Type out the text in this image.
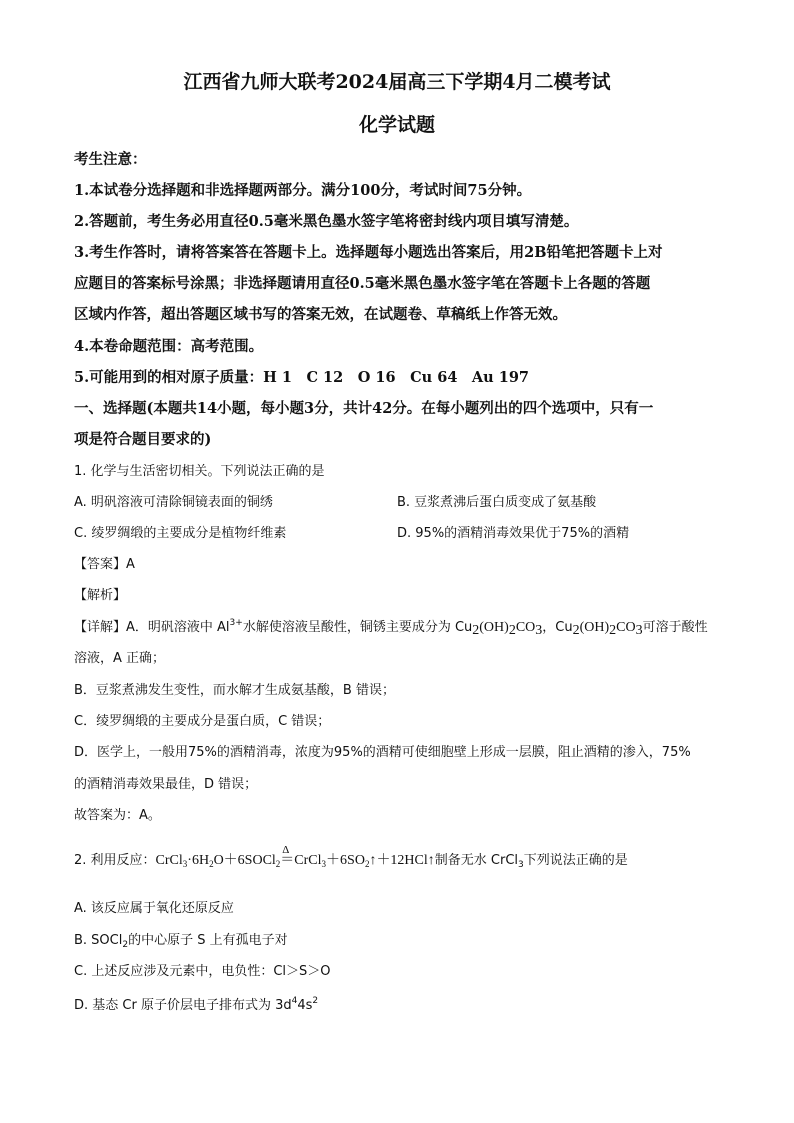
江西省九师大联考2024届高三下学期4月二模考试
化学试题
考生注意：
1.本试卷分选择题和非选择题两部分。满分100分，考试时间75分钟。
2.答题前，考生务必用直径0.5毫米黑色墨水签字笔将密封线内项目填写清楚。
3.考生作答时，请将答案答在答题卡上。选择题每小题选出答案后，用2B铅笔把答题卡上对
应题目的答案标号涂黑；非选择题请用直径0.5毫米黑色墨水签字笔在答题卡上各题的答题
区域内作答，超出答题区域书写的答案无效，在试题卷、草稿纸上作答无效。
4.本卷命题范围：高考范围。
5.可能用到的相对原子质量：H 1　C 12　O 16　Cu 64　Au 197
一、选择题(本题共14小题，每小题3分，共计42分。在每小题列出的四个选项中，只有一
项是符合题目要求的)
1. 化学与生活密切相关。下列说法正确的是
A. 明矾溶液可清除铜镜表面的铜绣	B. 豆浆煮沸后蛋白质变成了氨基酸
C. 绫罗绸缎的主要成分是植物纤维素	D. 95%的酒精消毒效果优于75%的酒精
【答案】A
【解析】
【详解】A．明矾溶液中 $Al^{3+}$水解使溶液呈酸性，铜锈主要成分为 $Cu_2(OH)_2CO_3$，$Cu_2(OH)_2CO_3$可溶于酸性
溶液，A 正确；
B．豆浆煮沸发生变性，而水解才生成氨基酸，B 错误；
C．绫罗绸缎的主要成分是蛋白质，C 错误；
D．医学上，一般用75%的酒精消毒，浓度为95%的酒精可使细胞壁上形成一层膜，阻止酒精的渗入，75%
的酒精消毒效果最佳，D 错误；
故答案为：A。
2. 利用反应：$CrCl_3\cdot 6H_2O+6SOCl_2$
Δ
$=CrCl_3+6SO_2↑+12HCl↑$制备无水 CrCl$_3$下列说法正确的是
A. 该反应属于氧化还原反应
B. SOCl$_2$的中心原子 S 上有孤电子对
C. 上述反应涉及元素中，电负性：Cl＞S＞O
D. 基态 Cr 原子价层电子排布式为 $3d^44s^2$
